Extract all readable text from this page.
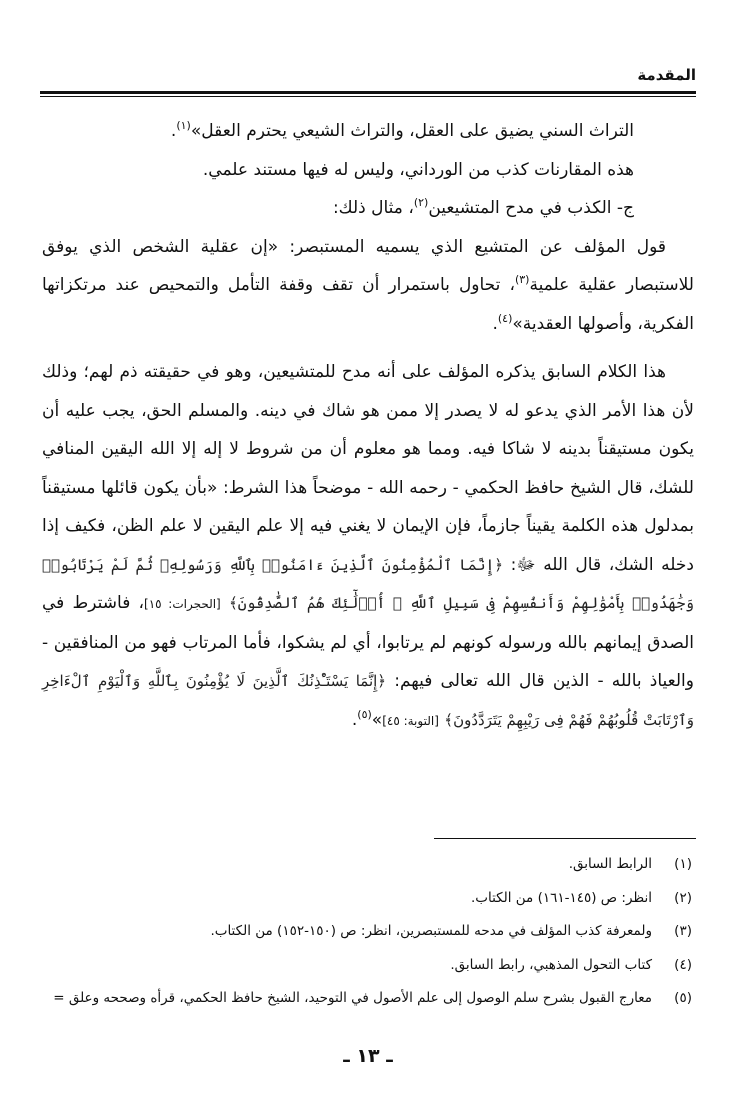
المقدمة

التراث السني يضيق على العقل، والتراث الشيعي يحترم العقل»$^{(١)}$.

هذه المقارنات كذب من الورداني، وليس له فيها مستند علمي.

ج- الكذب في مدح المتشيعين$^{(٢)}$، مثال ذلك:

قول المؤلف عن المتشيع الذي يسميه المستبصر: «إن عقلية الشخص الذي يوفق للاستبصار عقلية علمية$^{(٣)}$، تحاول باستمرار أن تقف وقفة التأمل والتمحيص عند مرتكزاتها الفكرية، وأصولها العقدية»$^{(٤)}$.

هذا الكلام السابق يذكره المؤلف على أنه مدح للمتشيعين، وهو في حقيقته ذم لهم؛ وذلك لأن هذا الأمر الذي يدعو له لا يصدر إلا ممن هو شاك في دينه. والمسلم الحق، يجب عليه أن يكون مستيقناً بدينه لا شاكا فيه. ومما هو معلوم أن من شروط لا إله إلا الله اليقين المنافي للشك، قال الشيخ حافظ الحكمي - رحمه الله - موضحاً هذا الشرط: «بأن يكون قائلها مستيقناً بمدلول هذه الكلمة يقيناً جازماً، فإن الإيمان لا يغني فيه إلا علم اليقين لا علم الظن، فكيف إذا دخله الشك، قال الله ﷻ: ﴿إِنَّمَا ٱلْمُؤْمِنُونَ ٱلَّذِينَ ءَامَنُوا۟ بِٱللَّهِ وَرَسُولِهِۦ ثُمَّ لَمْ يَرْتَابُوا۟ وَجَٰهَدُوا۟ بِأَمْوَٰلِهِمْ وَأَنفُسِهِمْ فِى سَبِيلِ ٱللَّهِ ۚ أُو۟لَٰٓئِكَ هُمُ ٱلصَّٰدِقُونَ﴾ [الحجرات: ١٥]، فاشترط في الصدق إيمانهم بالله ورسوله كونهم لم يرتابوا، أي لم يشكوا، فأما المرتاب فهو من المنافقين - والعياذ بالله - الذين قال الله تعالى فيهم: ﴿إِنَّمَا يَسْتَـْٔذِنُكَ ٱلَّذِينَ لَا يُؤْمِنُونَ بِٱللَّهِ وَٱلْيَوْمِ ٱلْءَاخِرِ وَٱرْتَابَتْ قُلُوبُهُمْ فَهُمْ فِى رَيْبِهِمْ يَتَرَدَّدُونَ﴾ [التوبة: ٤٥]»$^{(٥)}$.

(١)
الرابط السابق.
(٢)
انظر: ص (١٤٥-١٦١) من الكتاب.
(٣)
ولمعرفة كذب المؤلف في مدحه للمستبصرين، انظر: ص (١٥٠-١٥٢) من الكتاب.
(٤)
كتاب التحول المذهبي، رابط السابق.
(٥)
معارج القبول بشرح سلم الوصول إلى علم الأصول في التوحيد، الشيخ حافظ الحكمي، قرأه وصححه وعلق =
ـ ١٣ ـ
